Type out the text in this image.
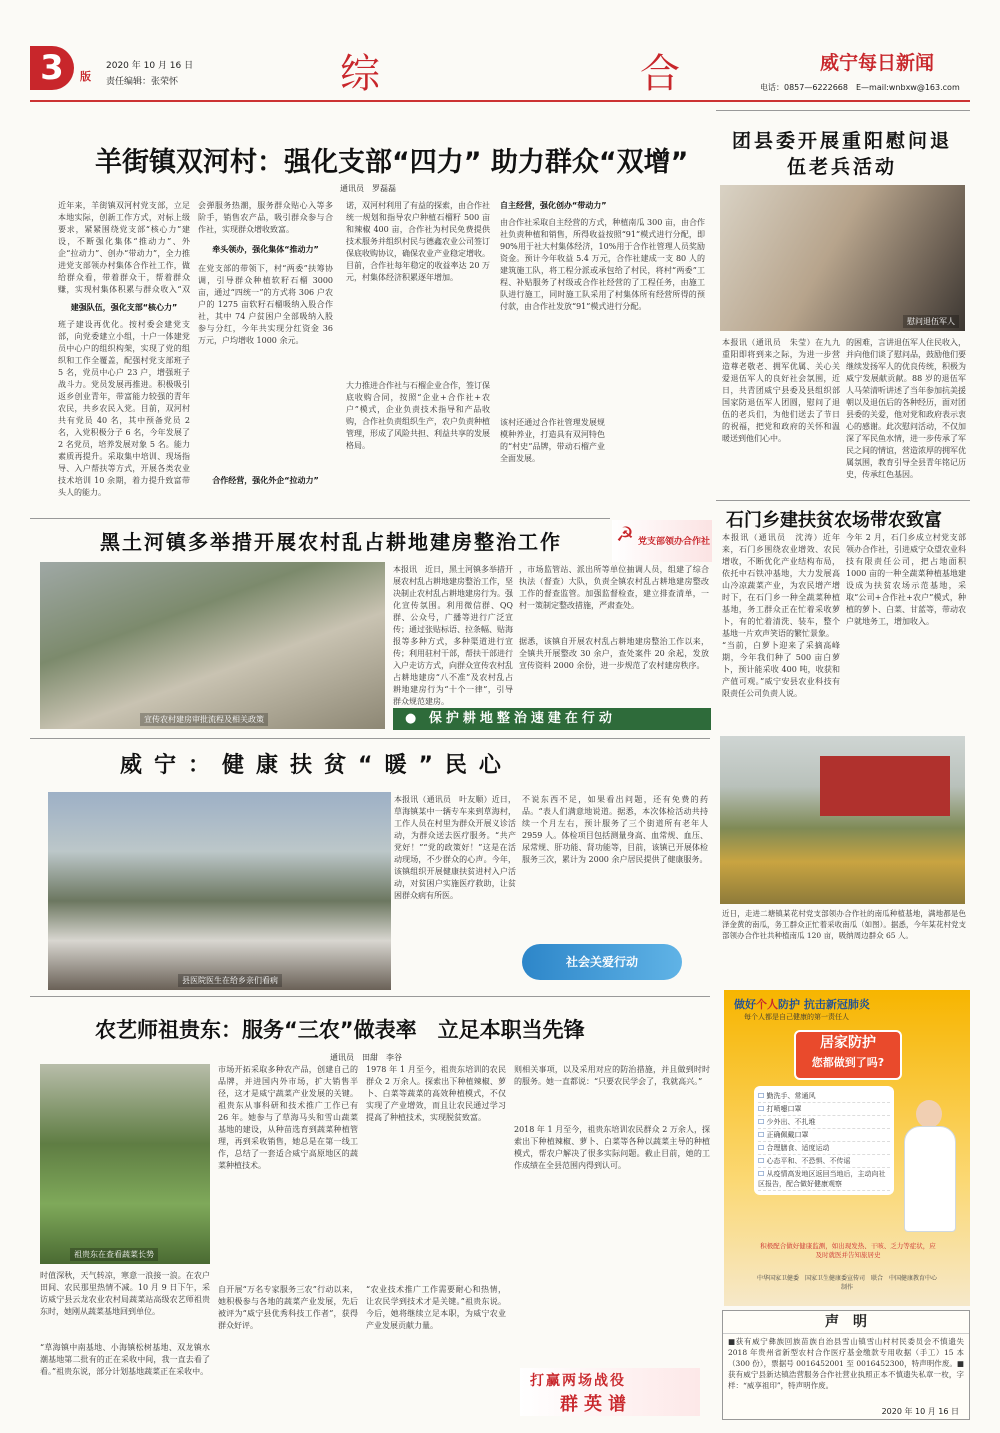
3	版
2020 年 10 月 16 日
责任编辑：张荣怀	综　　合	威宁每日新闻
电话：0857—6222668　E—mail:wnbxw@163.com
羊街镇双河村：强化支部“四力” 助力群众“双增”
通讯员　罗磊磊
近年来，羊街镇双河村党支部，立足本地实际，创新工作方式，对标上级要求，紧紧围绕党支部“核心力”建设，不断强化集体“推动力”、外企“拉动力”、创办“带动力”，全力推进党支部领办村集体合作社工作，做给群众看，带着群众干，帮着群众赚，实现村集体积累与群众收入“双
建强队伍，强化支部“核心力”
班子建设再优化。按村委会建党支部，向党委建立小组，十户一体建党员中心户的组织构架，实现了党的组织和工作全覆盖，配强村党支部班子 5 名，党员中心户 23 户，增强班子战斗力。党员发展再推进。积极吸引返乡创业青年，带富能力较强的青年农民，共乡农民入党。目前，双河村共有党员 40 名，其中预备党员 2 名，入党积极分子 6 名，今年发展了 2 名党员，培养发展对象 5 名。能力素质再提升。采取集中培训、现场指导、入户帮扶等方式，开展各类农业技术培训 10 余期，着力提升致富带头人的能力。
会弹服务热潮，服务群众贴心入等多阶手，销售农产品，吸引群众参与合作社，实现群众增收致富。
牵头领办，强化集体“推动力”
在党支部的带领下，村“两委”扶筹协调，引导群众种植软籽石榴 3000 亩，通过“四统一”的方式将 306 户农户的 1275 亩软籽石榴吸纳入股合作社，其中 74 户贫困户全部吸纳入股参与分红，今年共实现分红资金 36 万元，户均增收 1000 余元。
合作经营，强化外企“拉动力”
诺，双河村利用了有益的探索，由合作社统一规划和指导农户种植石榴籽 500 亩和辣椒 400 亩，合作社为村民免费提供技术服务并组织村民与德鑫农业公司签订保底收购协议，确保农业产业稳定增收。目前，合作社每年稳定的收益率达 20 万元，村集体经济积累逐年增加。
大力推进合作社与石榴企业合作，签订保底收购合同，按照“企业+合作社+农户”模式，企业负责技术指导和产品收购，合作社负责组织生产，农户负责种植管理，形成了风险共担、利益共享的发展格局。
自主经营，强化创办“带动力”
由合作社采取自主经营的方式，种植南瓜 300 亩，由合作社负责种植和销售，所得收益按照“91”模式进行分配，即 90%用于社大村集体经济，10%用于合作社管理人员奖励资金。预计今年收益 5.4 万元，合作社建成一支 80 人的建筑施工队，将工程分派或承包给了村民，将村“两委”工程、补贴服务了村级或合作社经营的了工程任务，由施工队进行施工，同时施工队采用了村集体所有经营所得的预付款，由合作社发放“91”模式进行分配。
该村还通过合作社管理发展规模种养业，打造具有双河特色的“村史”品牌，带动石榴产业全面发展。
☭ 党支部领办合作社
团县委开展重阳慰问退伍老兵活动
慰问退伍军人
本报讯（通讯员　朱莹）在九九重阳即将到来之际，为进一步营造尊老敬老、拥军优属、关心关爱退伍军人的良好社会氛围，近日，共青团威宁县委及县组织部国家防退伍军人团圆，慰问了退伍的老兵们，为他们送去了节日的祝福，把党和政府的关怀和温暖送到他们心中。
的困难，言讲退伍军人住民收入，并向他们谈了慰问品，鼓励他们要继续发扬军人的优良传统，积极为威宁发展献贡献。88 岁的退伍军人马荣清听讲述了当年参加抗美援朝以及退伍后的各种经历，面对团县委的关爱，他对党和政府表示衷心的感谢。此次慰问活动，不仅加深了军民鱼水情，进一步传承了军民之间的情谊，营造浓厚的拥军优属氛围，教育引导全县青年铭记历史，传承红色基因。
石门乡建扶贫农场带农致富
本报讯（通讯员　沈涛）近年来，石门乡围绕农业增效、农民增收，不断优化产业结构布局，依托中石铁冲基地，大力发展高山冷凉蔬菜产业，为农民增产增
时下，在石门乡一种全蔬菜种植基地，务工群众正在忙着采收萝卜，有的忙着清洗、装车，整个基地一片欢声笑语的繁忙景象。
“当前，白萝卜迎来了采摘高峰期，今年我们种了 500 亩白萝卜，预计能采收 400 吨，收获和产值可观。”威宁安县农业科技有限责任公司负责人说。
今年 2 月，石门乡成立村党支部领办合作社，引进威宁众望农业科技有限责任公司，把占地面积 1000 亩的一种全蔬菜种植基地建设成为扶贫农场示范基地，采取“公司+合作社+农户”模式，种植的萝卜、白菜、甘蓝等，带动农户就地务工，增加收入。
近日，走进二塘镇某花村党支部领办合作社的南瓜种植基地，满地都是色泽金黄的南瓜，务工群众正忙着采收南瓜（如图）。据悉，今年某花村党支部领办合作社共种植南瓜 120 亩，吸纳周边群众 65 人。
黑土河镇多举措开展农村乱占耕地建房整治工作
宣传农村建房审批流程及相关政策
本报讯　近日，黑土河镇多举措开展农村乱占耕地建房整治工作，坚决制止农村乱占耕地建房行为。强化宣传氛围。利用微信群、QQ群、公众号，广播等进行广泛宣传；通过张贴标语、拉条幅、贴海报等多种方式，多种渠道进行宣传；利用驻村干部，帮扶干部进行入户走访方式，向群众宣传农村乱占耕地建房“八不准”及农村乱占耕地建房行为“十个一律”，引导群众规范建房。
，市场监管站、派出所等单位抽调人员，组建了综合执法（督查）大队，负责全镇农村乱占耕地建房整改工作的督查监管。加强监督检查，建立排查清单，一村一策制定整改措施，严肃查处。
据悉，该镇自开展农村乱占耕地建房整治工作以来，全镇共开展整改 30 余户，查处案件 20 余起，发放宣传资料 2000 余份，进一步规范了农村建房秩序。
● 保护耕地整治速建在行动
威宁：健康扶贫“暖”民心
县医院医生在给乡亲们看病
本报讯（通讯员　叶友顺）近日，草海镇某中一辆专车来到草海村，工作人员在村里为群众开展义诊活动，为群众送去医疗服务。“共产党好！”“党的政策好！”这是在活动现场，不少群众的心声。今年，该镇组织开展健康扶贫进村入户活动，对贫困户实施医疗救助，让贫困群众病有所医。
不说东西不足，如果看出问题，还有免费的药品。“表人们满意地说道。据悉，本次体检活动共持续一个月左右，预计服务了三个街道所有老年人 2959 人。体检项目包括测量身高、血常规、血压、尿常规、肝功能、肾功能等，目前，该镇已开展体检服务三次，累计为 2000 余户居民提供了健康服务。
社会关爱行动
农艺师祖贵东：服务“三农”做表率　立足本职当先锋
通讯员　田甜　李谷
祖贵东在查看蔬菜长势
时值深秋，天气转凉，寒意一浪接一浪。在农户田间、农民那里热情不减。10 月 9 日下午，采访威宁县云龙农业农村局蔬菜站高级农艺师祖贵东时，她刚从蔬菜基地回到单位。
“草海镇中南基地、小海镇松树基地、双龙镇水潮基地第二批有的正在采收中间，我一直去看了看。”祖贵东说，部分计划基地蔬菜正在采收中。
市场开拓采取多种农产品，创建自己的品牌，并进国内外市场，扩大销售半径，这才是威宁蔬菜产业发展的关键。祖贵东从事科研和技术推广工作已有 26 年。她参与了草海马头和雪山蔬菜基地的建设，从种苗选育到蔬菜种植管理，再到采收销售，她总是在第一线工作，总结了一套适合威宁高原地区的蔬菜种植技术。
自开展“万名专家服务三农”行动以来，她积极参与各地的蔬菜产业发展，先后被评为“威宁县优秀科技工作者”，获得群众好评。
1978 年 1 月至今，祖贵东培训的农民群众 2 万余人。探索出下种植辣椒、萝卜、白菜等蔬菜的高效种植模式，不仅实现了产业增效，而且让农民通过学习提高了种植技术，实现脱贫致富。
“农业技术推广工作需要耐心和热情，让农民学到技术才是关键。”祖贵东说。今后，她将继续立足本职，为威宁农业产业发展贡献力量。
则相关事项，以及采用对应的防治措施，并且做到时时的服务。她一直都说：“只要农民学会了，我就高兴。”
2018 年 1 月至今，祖贵东培训农民群众 2 万余人，探索出下种植辣椒、萝卜、白菜等各种以蔬菜主导的种植模式，帮农户解决了很多实际问题。截止目前，她的工作成绩在全县范围内得到认可。
打赢两场战役
群英谱
做好个人防护 抗击新冠肺炎
每个人都是自己健康的第一责任人
居家防护
您都做到了吗?
☐ 勤洗手、常通风
☐ 打喷嚏口罩
☐ 少外出、不扎堆
☐ 正确佩戴口罩
☐ 合理膳食、适度运动
☐ 心态平和、不恐惧、不传谣
☐ 从疫情高发地区返回当地后，主动向社区报告，配合做好健康观察
积极配合做好健康监测，如出现发热、干咳、乏力等症状，应及时就医并告知旅居史
中华国家卫健委　国家卫生健康委宣传司　联合　中国健康教育中心　制作
声　明
■获有威宁彝族回族苗族自治县雪山镇雪山村村民委员会不慎遗失 2018 年贵州省新型农村合作医疗基金缴款专用收据（手工）15 本（300 份），票据号 0016452001 至 0016452300，特声明作废。■获有威宁县新达镇浩营服务合作社营业执照正本不慎遗失私章一枚，字样：“威享祖印”，特声明作废。
2020 年 10 月 16 日
